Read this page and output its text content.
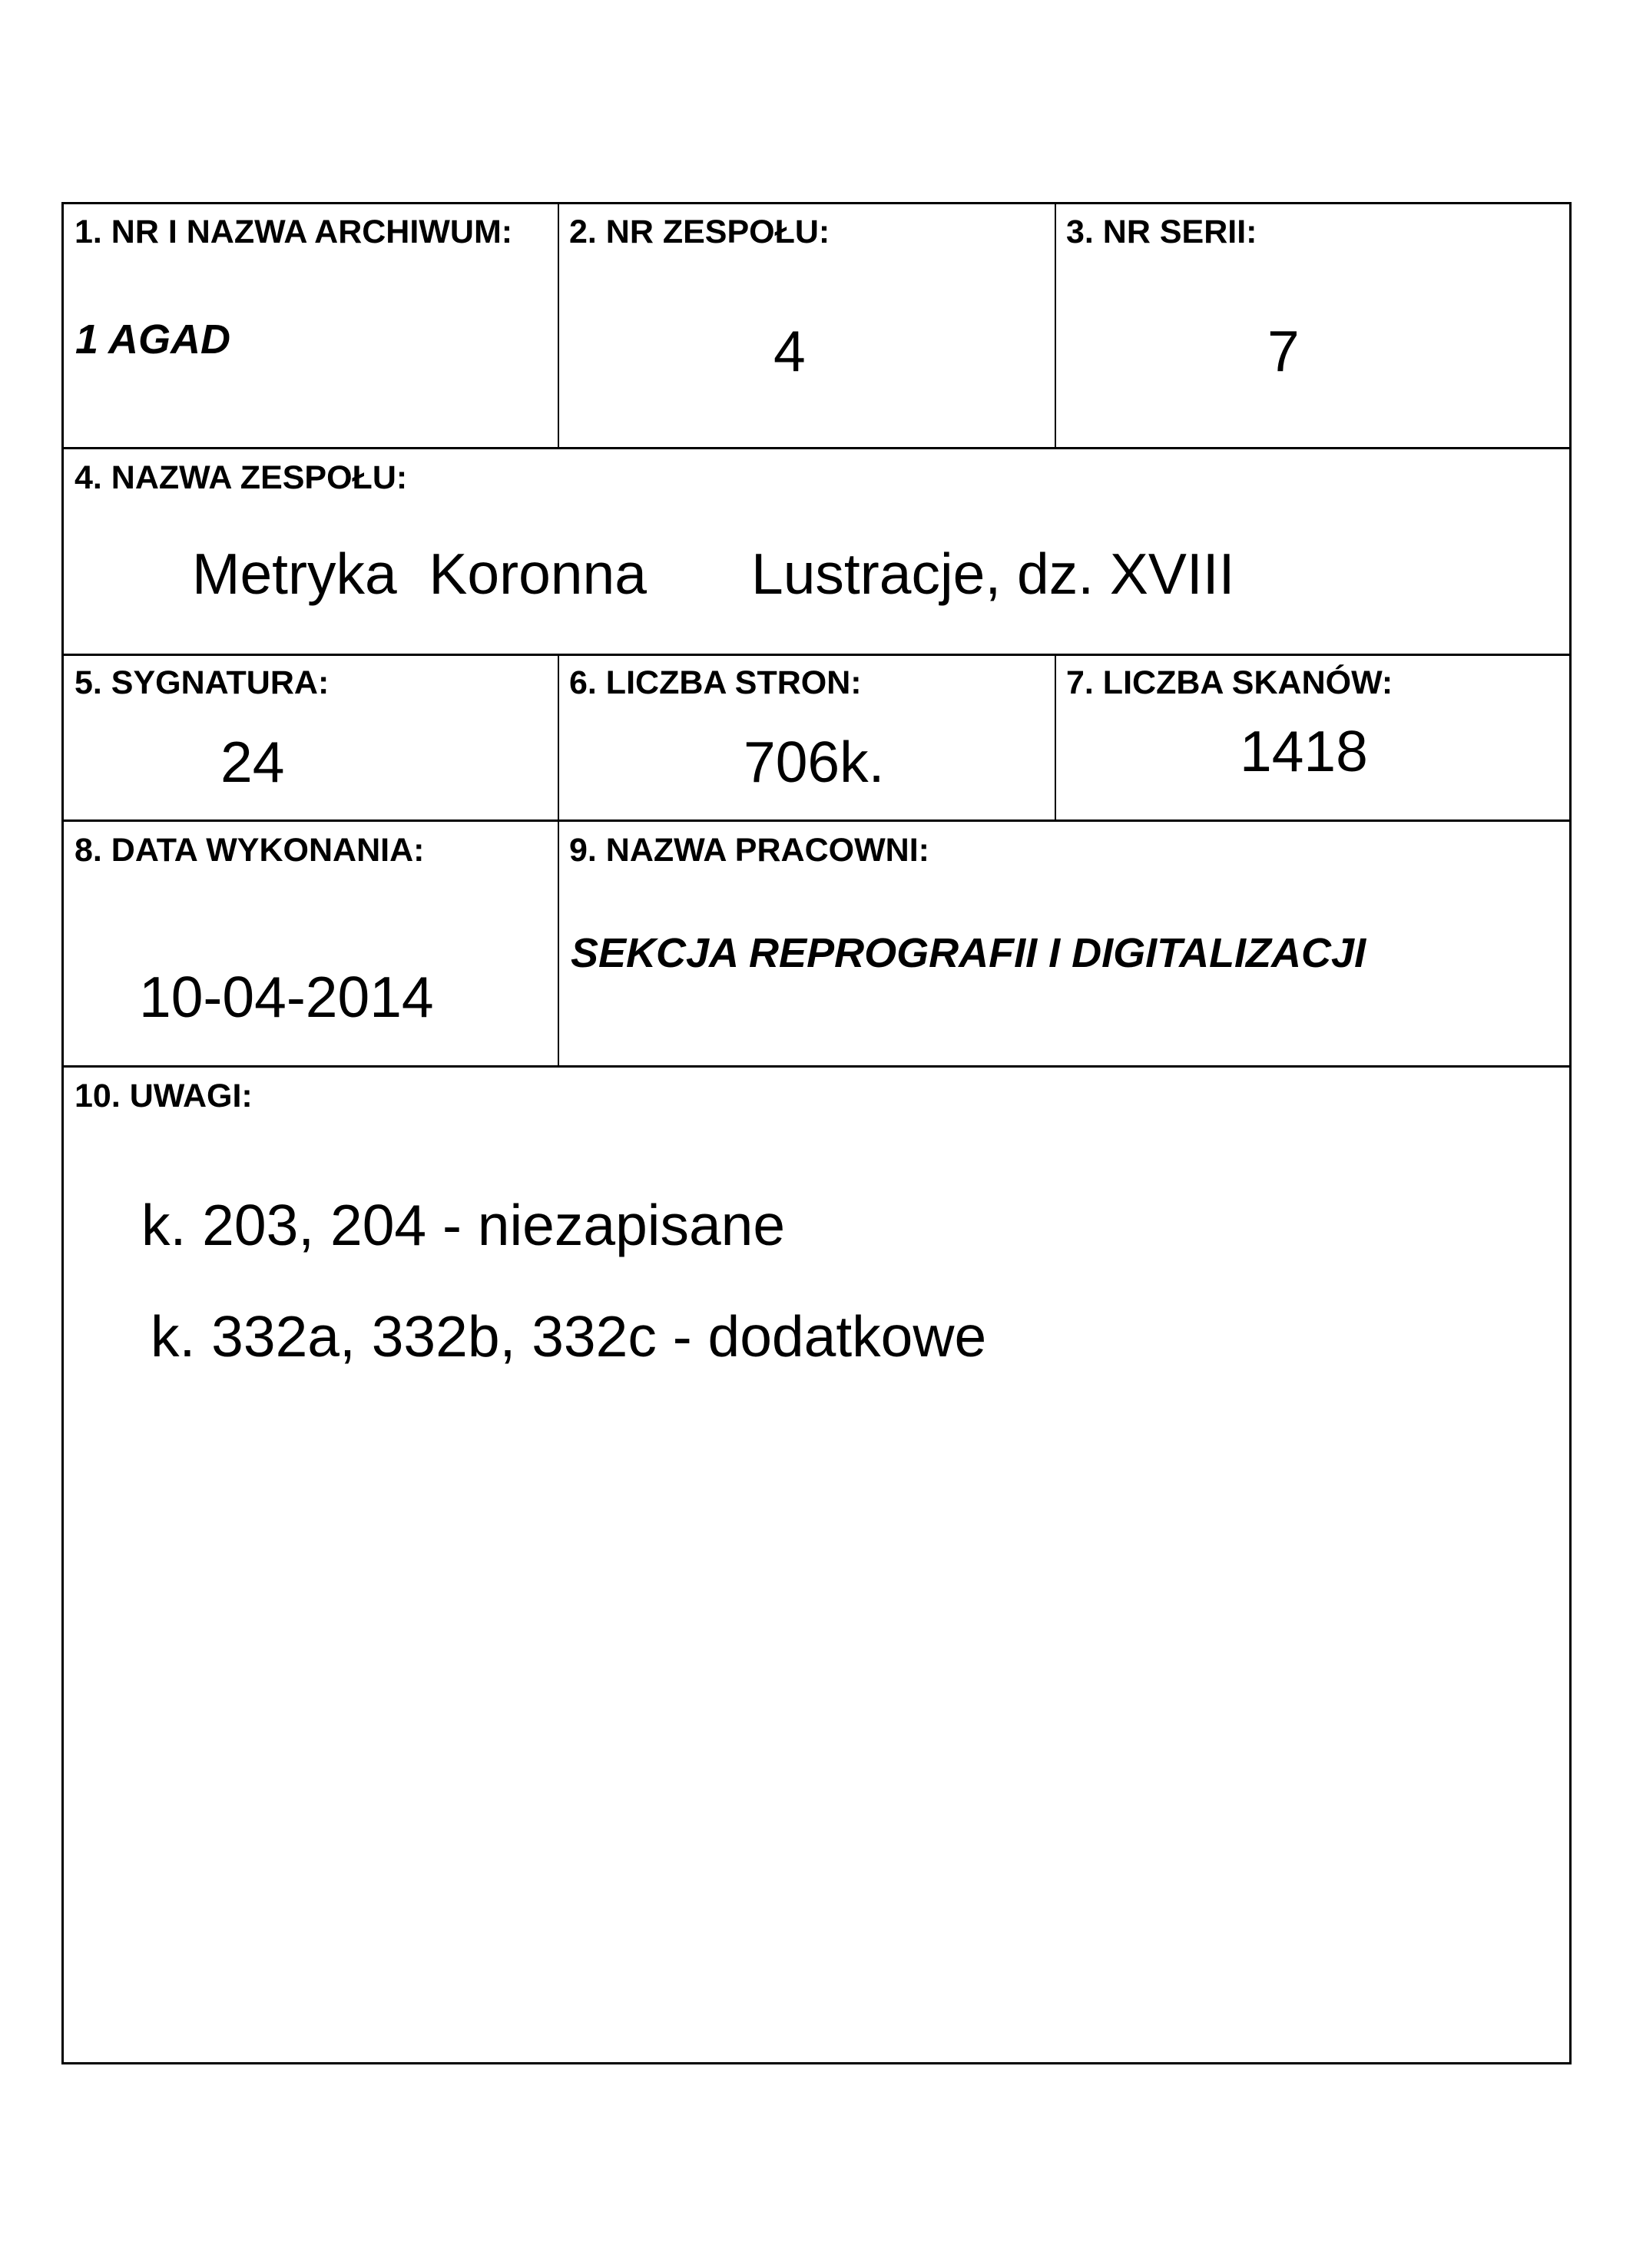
1. NR I NAZWA ARCHIWUM:
1 AGAD
2. NR ZESPOŁU:
4
3. NR SERII:
7
4. NAZWA ZESPOŁU:
Metryka  Koronna Lustracje, dz. XVIII
5. SYGNATURA:
24
6. LICZBA STRON:
706k.
7. LICZBA SKANÓW:
1418
8. DATA WYKONANIA:
10-04-2014
9. NAZWA PRACOWNI:
SEKCJA REPROGRAFII I DIGITALIZACJI
10. UWAGI:
k. 203, 204 - niezapisane
k. 332a, 332b, 332c - dodatkowe
